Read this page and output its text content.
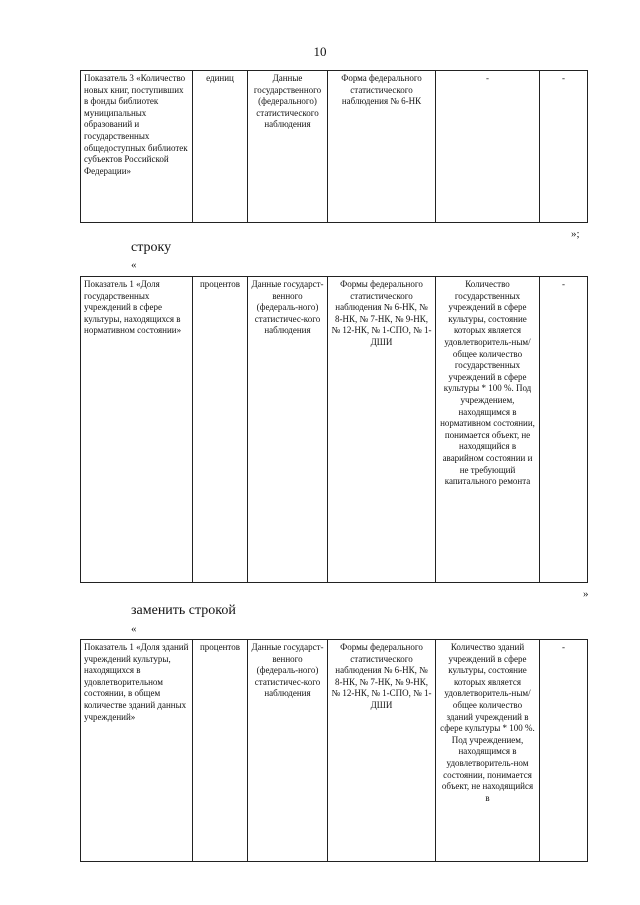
10
Показатель 3 «Количество новых книг, поступивших в фонды библиотек муниципальных образований и государственных общедоступных библиотек субъектов Российской Федерации»	единиц	Данные государственного (федерального) статистического наблюдения	Форма федерального статистического наблюдения № 6-НК	-	-
»;
строку
«
Показатель 1 «Доля государственных учреждений в сфере культуры, находящихся в нормативном состоянии»	процентов	Данные государст-венного (федераль-ного) статистичес-кого наблюдения	Формы федерального статистического наблюдения № 6-НК, № 8-НК, № 7-НК, № 9-НК, № 12-НК, № 1-СПО, № 1-ДШИ	Количество государственных учреждений в сфере культуры, состояние которых является удовлетворитель-ным/общее количество государственных учреждений в сфере культуры * 100 %. Под учреждением, находящимся в нормативном состоянии, понимается объект, не находящийся в аварийном состоянии и не требующий капитального ремонта	-
»
заменить строкой
«
Показатель 1 «Доля зданий учреждений культуры, находящихся в удовлетворительном состоянии, в общем количестве зданий данных учреждений»	процентов	Данные государст-венного (федераль-ного) статистичес-кого наблюдения	Формы федерального статистического наблюдения № 6-НК, № 8-НК, № 7-НК, № 9-НК, № 12-НК, № 1-СПО, № 1-ДШИ	Количество зданий учреждений в сфере культуры, состояние которых является удовлетворитель-ным/общее количество зданий учреждений в сфере культуры * 100 %. Под учреждением, находящимся в удовлетворитель-ном состоянии, понимается объект, не находящийся в	-
